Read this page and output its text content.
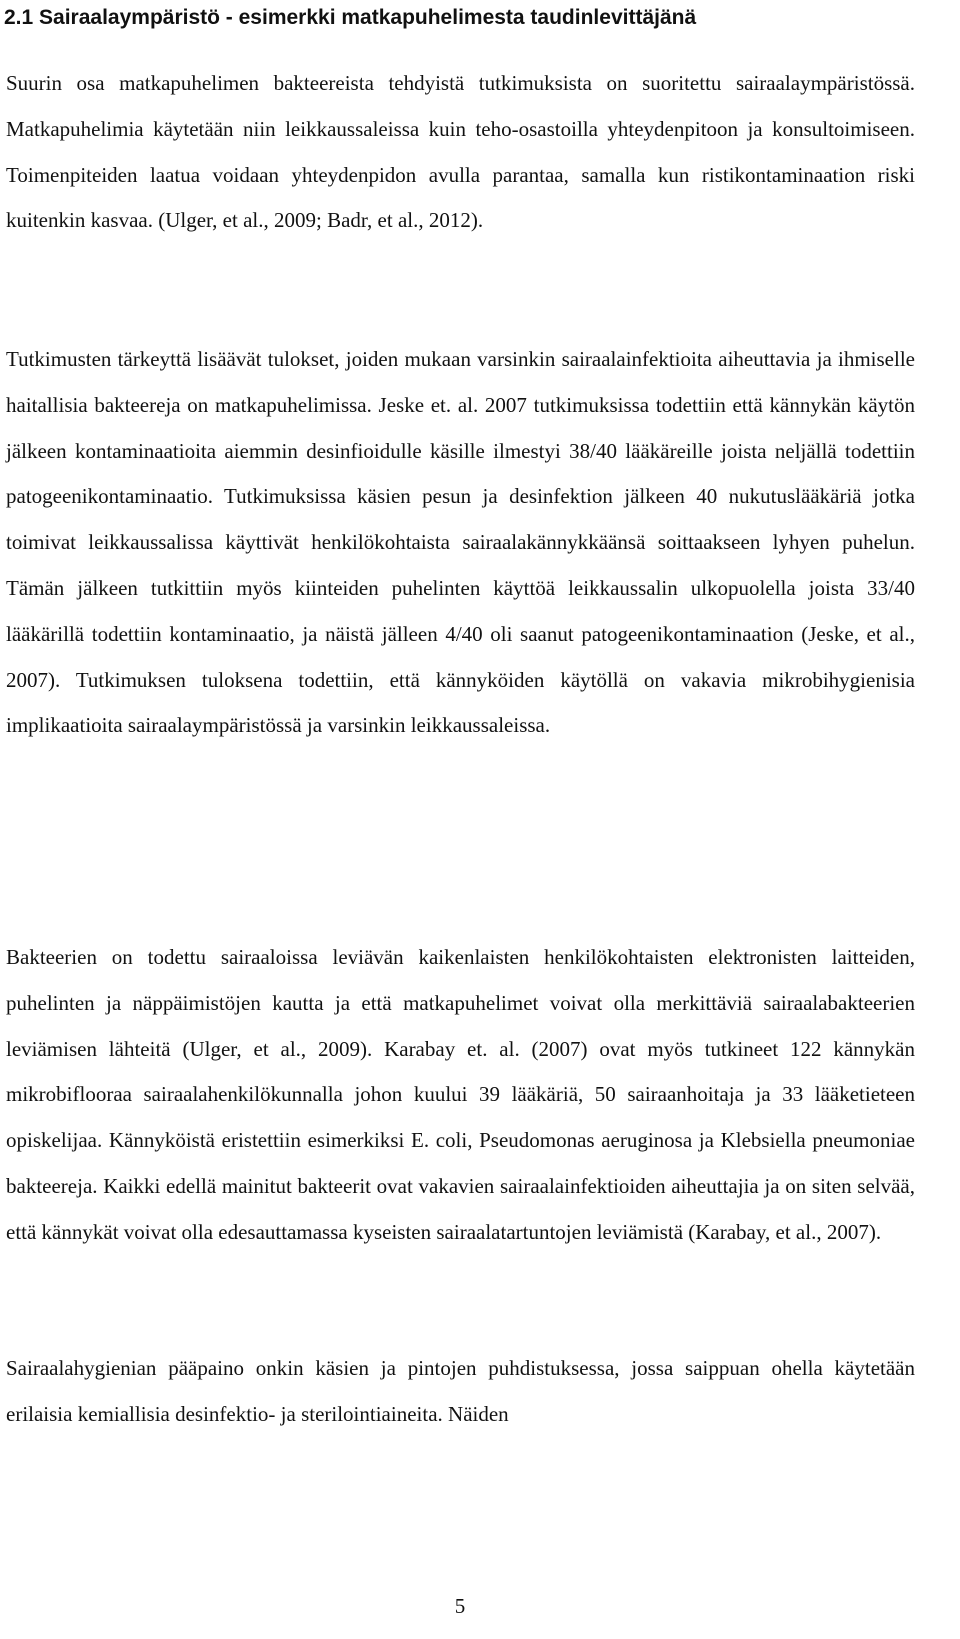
2.1 Sairaalaympäristö - esimerkki matkapuhelimesta taudinlevittäjänä

Suurin osa matkapuhelimen bakteereista tehdyistä tutkimuksista on suoritettu sairaalaympäristössä. Matkapuhelimia käytetään niin leikkaussaleissa kuin teho-osastoilla yhteydenpitoon ja konsultoimiseen. Toimenpiteiden laatua voidaan yhteydenpidon avulla parantaa, samalla kun ristikontaminaation riski kuitenkin kasvaa. (Ulger, et al., 2009; Badr, et al., 2012).

Tutkimusten tärkeyttä lisäävät tulokset, joiden mukaan varsinkin sairaalainfektioita aiheuttavia ja ihmiselle haitallisia bakteereja on matkapuhelimissa. Jeske et. al. 2007 tutkimuksissa todettiin että kännykän käytön jälkeen kontaminaatioita aiemmin desinfioidulle käsille ilmestyi 38/40 lääkäreille joista neljällä todettiin patogeenikontaminaatio. Tutkimuksissa käsien pesun ja desinfektion jälkeen 40 nukutuslääkäriä jotka toimivat leikkaussalissa käyttivät henkilökohtaista sairaalakännykkäänsä soittaakseen lyhyen puhelun. Tämän jälkeen tutkittiin myös kiinteiden puhelinten käyttöä leikkaussalin ulkopuolella joista 33/40 lääkärillä todettiin kontaminaatio, ja näistä jälleen 4/40 oli saanut patogeenikontaminaation (Jeske, et al., 2007). Tutkimuksen tuloksena todettiin, että kännyköiden käytöllä on vakavia mikrobihygienisia implikaatioita sairaalaympäristössä ja varsinkin leikkaussaleissa.

Bakteerien on todettu sairaaloissa leviävän kaikenlaisten henkilökohtaisten elektronisten laitteiden, puhelinten ja näppäimistöjen kautta ja että matkapuhelimet voivat olla merkittäviä sairaalabakteerien leviämisen lähteitä (Ulger, et al., 2009). Karabay et. al. (2007) ovat myös tutkineet 122 kännykän mikrobiflooraa sairaalahenkilökunnalla johon kuului 39 lääkäriä, 50 sairaanhoitaja ja 33 lääketieteen opiskelijaa. Kännyköistä eristettiin esimerkiksi E. coli, Pseudomonas aeruginosa ja Klebsiella pneumoniae bakteereja. Kaikki edellä mainitut bakteerit ovat vakavien sairaalainfektioiden aiheuttajia ja on siten selvää, että kännykät voivat olla edesauttamassa kyseisten sairaalatartuntojen leviämistä (Karabay, et al., 2007).

Sairaalahygienian pääpaino onkin käsien ja pintojen puhdistuksessa, jossa saippuan ohella käytetään erilaisia kemiallisia desinfektio- ja sterilointiaineita. Näiden

5
